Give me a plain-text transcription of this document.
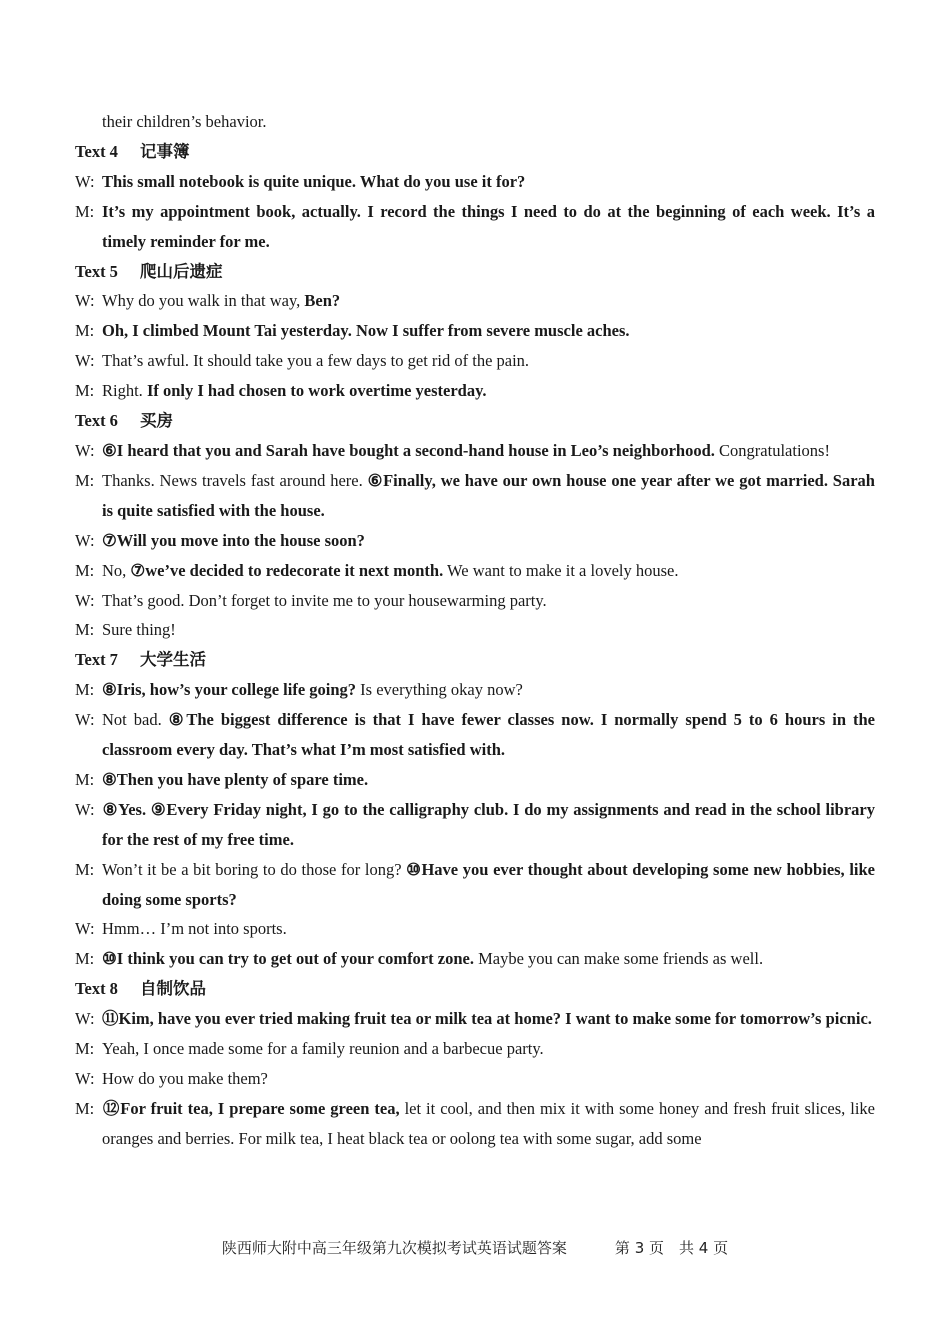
their children’s behavior.
Text 4 记事簿
W: This small notebook is quite unique. What do you use it for?
M: It’s my appointment book, actually. I record the things I need to do at the beginning of each week. It’s a timely reminder for me.
Text 5 爬山后遗症
W: Why do you walk in that way, Ben?
M: Oh, I climbed Mount Tai yesterday. Now I suffer from severe muscle aches.
W: That’s awful. It should take you a few days to get rid of the pain.
M: Right. If only I had chosen to work overtime yesterday.
Text 6 买房
W: ⑥I heard that you and Sarah have bought a second-hand house in Leo’s neighborhood. Congratulations!
M: Thanks. News travels fast around here. ⑥Finally, we have our own house one year after we got married. Sarah is quite satisfied with the house.
W: ⑦Will you move into the house soon?
M: No, ⑦we’ve decided to redecorate it next month. We want to make it a lovely house.
W: That’s good. Don’t forget to invite me to your housewarming party.
M: Sure thing!
Text 7 大学生活
M: ⑧Iris, how’s your college life going? Is everything okay now?
W: Not bad. ⑧The biggest difference is that I have fewer classes now. I normally spend 5 to 6 hours in the classroom every day. That’s what I’m most satisfied with.
M: ⑧Then you have plenty of spare time.
W: ⑧Yes. ⑨Every Friday night, I go to the calligraphy club. I do my assignments and read in the school library for the rest of my free time.
M: Won’t it be a bit boring to do those for long? ⑩Have you ever thought about developing some new hobbies, like doing some sports?
W: Hmm… I’m not into sports.
M: ⑩I think you can try to get out of your comfort zone. Maybe you can make some friends as well.
Text 8 自制饮品
W: ⑪Kim, have you ever tried making fruit tea or milk tea at home? I want to make some for tomorrow’s picnic.
M: Yeah, I once made some for a family reunion and a barbecue party.
W: How do you make them?
M: ⑫For fruit tea, I prepare some green tea, let it cool, and then mix it with some honey and fresh fruit slices, like oranges and berries. For milk tea, I heat black tea or oolong tea with some sugar, add some
陕西师大附中高三年级第九次模拟考试英语试题答案	第 3 页　共 4 页
